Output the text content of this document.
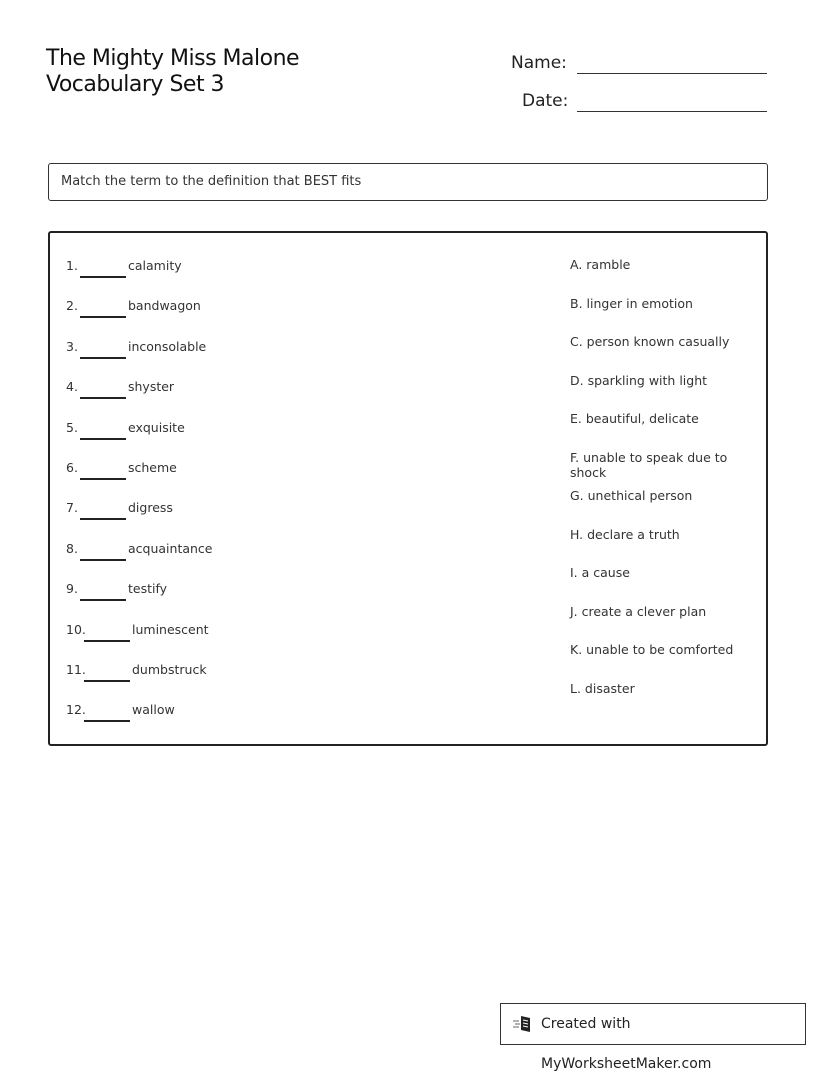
The Mighty Miss Malone
Vocabulary Set 3
Name:
Date:
Match the term to the definition that BEST fits
1.	calamity
2.	bandwagon
3.	inconsolable
4.	shyster
5.	exquisite
6.	scheme
7.	digress
8.	acquaintance
9.	testify
10.	luminescent
11.	dumbstruck
12.	wallow
A. ramble
B. linger in emotion
C. person known casually
D. sparkling with light
E. beautiful, delicate
F. unable to speak due to shock
G. unethical person
H. declare a truth
I. a cause
J. create a clever plan
K. unable to be comforted
L. disaster
Created with MyWorksheetMaker.com
